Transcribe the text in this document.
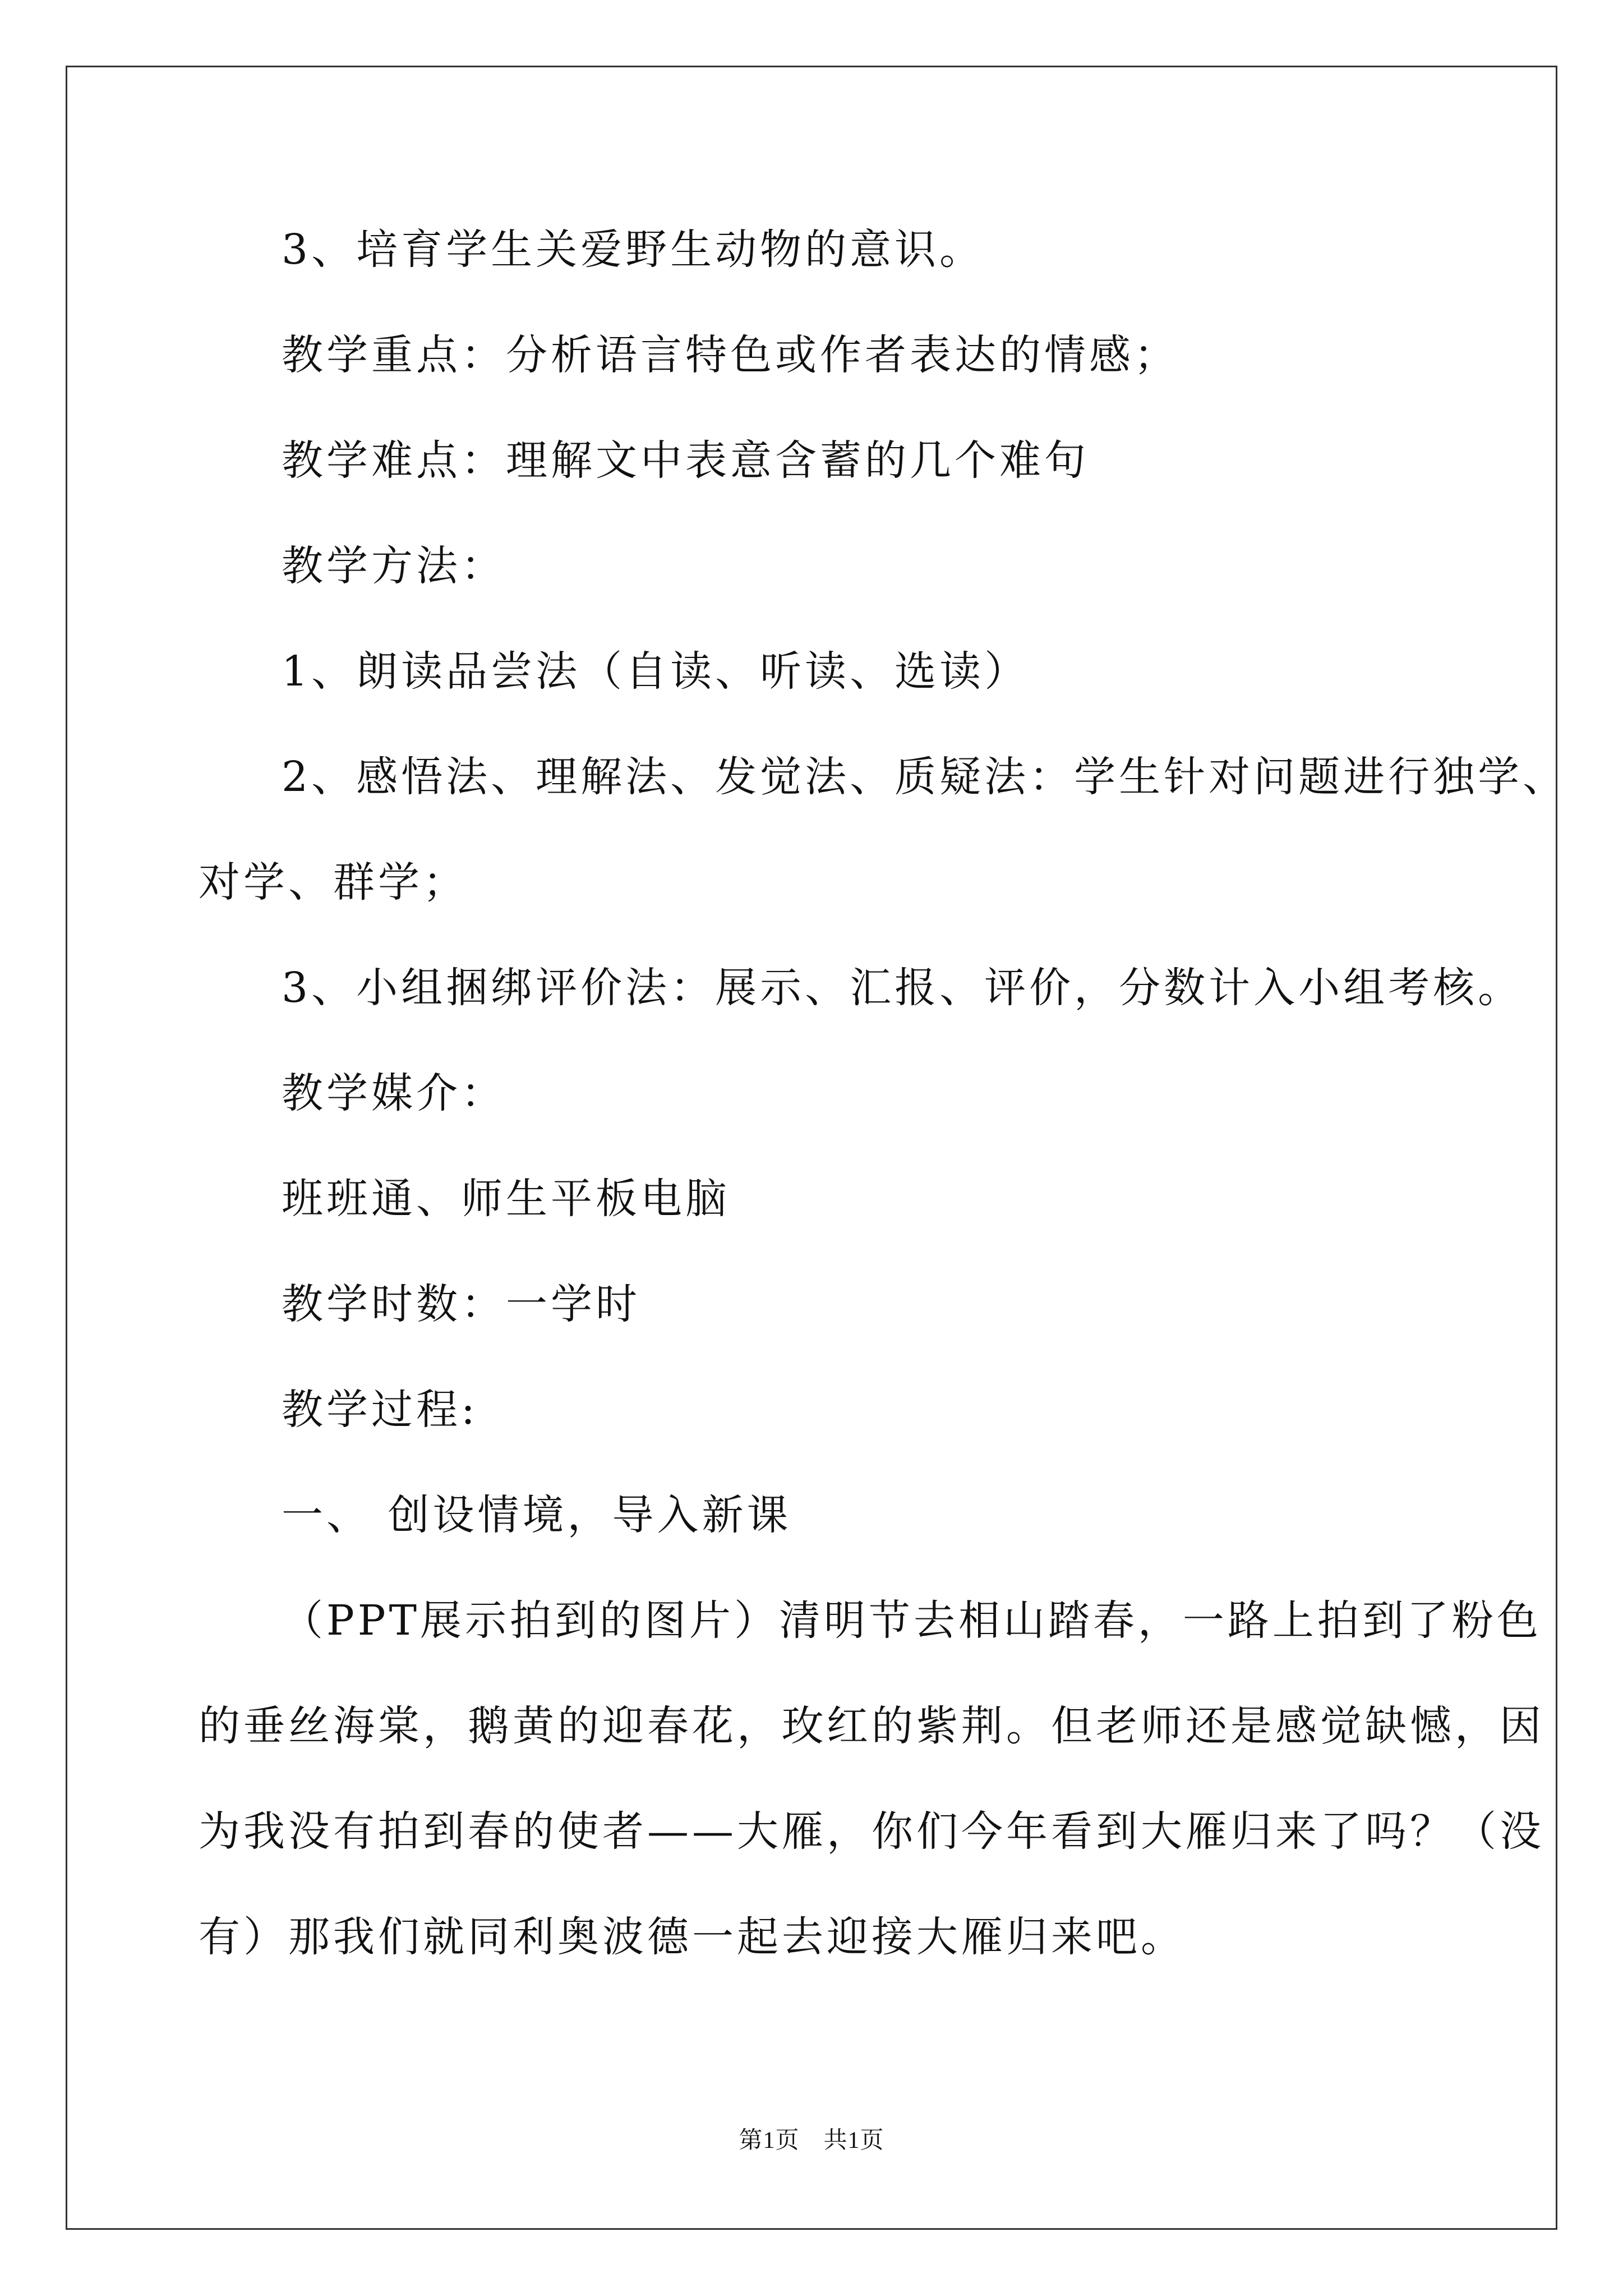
3、培育学生关爱野生动物的意识。
教学重点：分析语言特色或作者表达的情感；
教学难点：理解文中表意含蓄的几个难句
教学方法：
1、朗读品尝法（自读、听读、选读）
2、感悟法、理解法、发觉法、质疑法：学生针对问题进行独学、
对学、群学；
3、小组捆绑评价法：展示、汇报、评价，分数计入小组考核。
教学媒介：
班班通、师生平板电脑
教学时数：一学时
教学过程:
一、 创设情境，导入新课
（PPT展示拍到的图片）清明节去相山踏春，一路上拍到了粉色
的垂丝海棠，鹅黄的迎春花，玫红的紫荆。但老师还是感觉缺憾，因
为我没有拍到春的使者——大雁，你们今年看到大雁归来了吗？（没
有）那我们就同利奥波德一起去迎接大雁归来吧。
第1页　共1页
